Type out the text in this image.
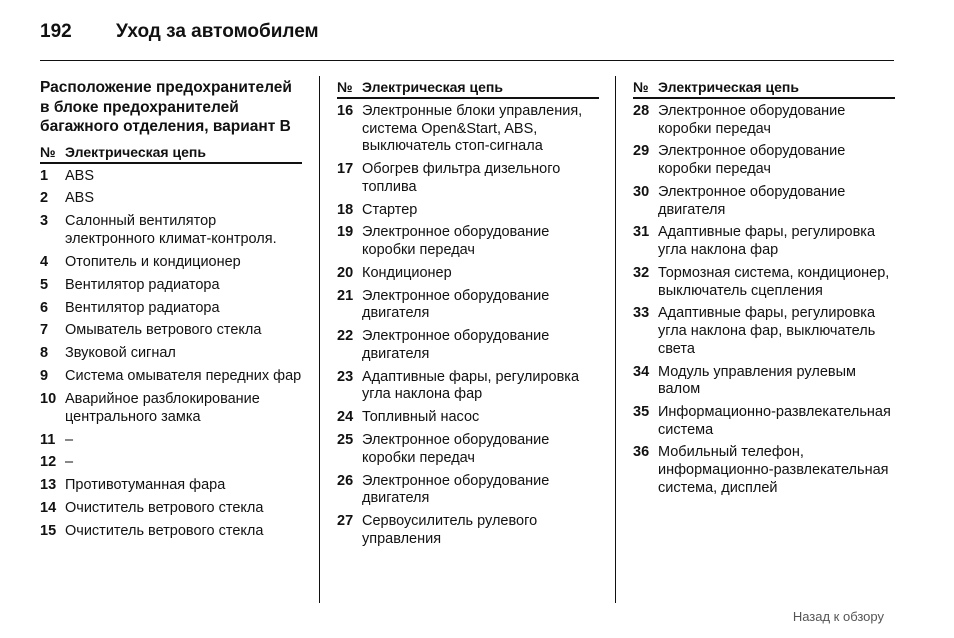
192 Уход за автомобилем
Расположение предохранителей в блоке предохранителей багажного отделения, вариант B
№ Электрическая цепь
1	ABS
2	ABS
3	Салонный вентилятор электронного климат-контроля.
4	Отопитель и кондиционер
5	Вентилятор радиатора
6	Вентилятор радиатора
7	Омыватель ветрового стекла
8	Звуковой сигнал
9	Система омывателя передних фар
10 Аварийное разблокирование центрального замка
11 –
12 –
13 Противотуманная фара
14 Очиститель ветрового стекла
15 Очиститель ветрового стекла
№ Электрическая цепь
16 Электронные блоки управления, система Open&Start, ABS, выключатель стоп-сигнала
17 Обогрев фильтра дизельного топлива
18 Стартер
19 Электронное оборудование коробки передач
20 Кондиционер
21 Электронное оборудование двигателя
22 Электронное оборудование двигателя
23 Адаптивные фары, регулировка угла наклона фар
24 Топливный насос
25 Электронное оборудование коробки передач
26 Электронное оборудование двигателя
27 Сервоусилитель рулевого управления
№ Электрическая цепь
28 Электронное оборудование коробки передач
29 Электронное оборудование коробки передач
30 Электронное оборудование двигателя
31 Адаптивные фары, регулировка угла наклона фар
32 Тормозная система, кондиционер, выключатель сцепления
33 Адаптивные фары, регулировка угла наклона фар, выключатель света
34 Модуль управления рулевым валом
35 Информационно-развлекательная система
36 Мобильный телефон, информационно-развлекательная система, дисплей
Назад к обзору
